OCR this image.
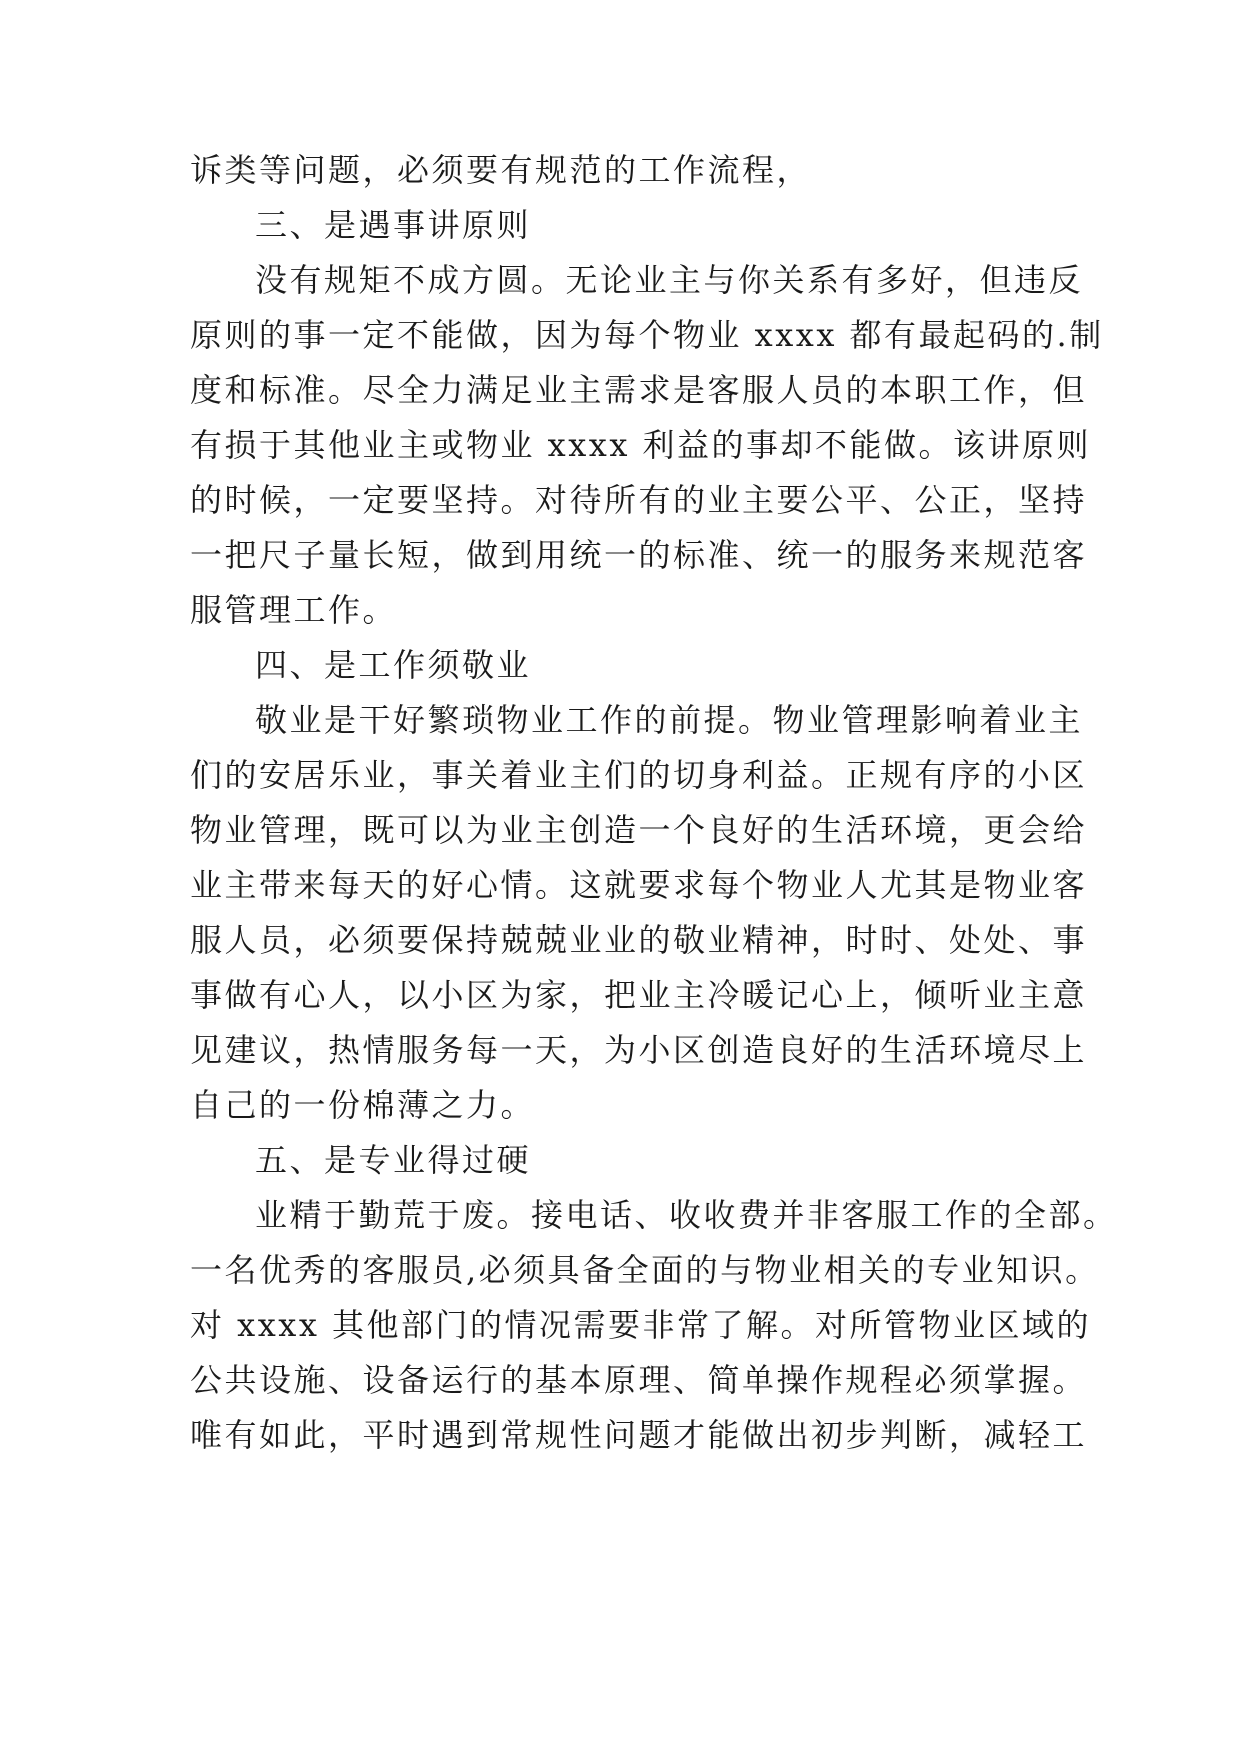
诉类等问题，必须要有规范的工作流程，
三、是遇事讲原则
没有规矩不成方圆。无论业主与你关系有多好，但违反
原则的事一定不能做，因为每个物业 xxxx 都有最起码的.制
度和标准。尽全力满足业主需求是客服人员的本职工作，但
有损于其他业主或物业 xxxx 利益的事却不能做。该讲原则
的时候，一定要坚持。对待所有的业主要公平、公正，坚持
一把尺子量长短，做到用统一的标准、统一的服务来规范客
服管理工作。
四、是工作须敬业
敬业是干好繁琐物业工作的前提。物业管理影响着业主
们的安居乐业，事关着业主们的切身利益。正规有序的小区
物业管理，既可以为业主创造一个良好的生活环境，更会给
业主带来每天的好心情。这就要求每个物业人尤其是物业客
服人员，必须要保持兢兢业业的敬业精神，时时、处处、事
事做有心人，以小区为家，把业主冷暖记心上，倾听业主意
见建议，热情服务每一天，为小区创造良好的生活环境尽上
自己的一份棉薄之力。
五、是专业得过硬
业精于勤荒于废。接电话、收收费并非客服工作的全部。
一名优秀的客服员,必须具备全面的与物业相关的专业知识。
对 xxxx 其他部门的情况需要非常了解。对所管物业区域的
公共设施、设备运行的基本原理、简单操作规程必须掌握。
唯有如此，平时遇到常规性问题才能做出初步判断，减轻工
